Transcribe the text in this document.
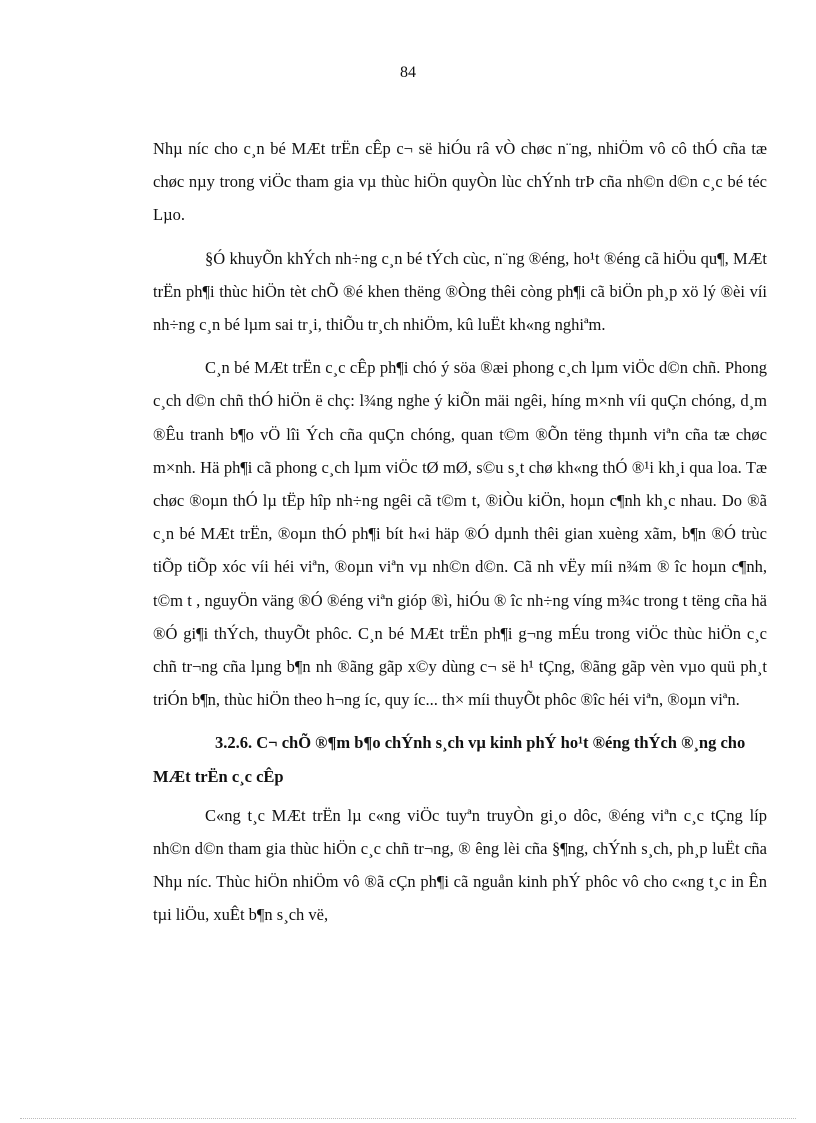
84

Nhµ níc cho c¸n bé MÆt trËn cÊp c¬ së hiÓu râ vÒ chøc n¨ng, nhiÖm vô cô thÓ cña tæ chøc nµy trong viÖc tham gia vµ thùc hiÖn quyÒn lùc chÝnh trÞ cña nh©n d©n c¸c bé téc Lµo.

§Ó khuyÕn khÝch nh÷ng c¸n bé tÝch cùc, n¨ng ®éng, ho¹t ®éng cã hiÖu qu¶, MÆt trËn ph¶i thùc hiÖn tèt chÕ ®é khen thëng ®Òng thêi còng ph¶i cã biÖn ph¸p xö lý ®èi víi nh÷ng c¸n bé lµm sai tr¸i, thiÕu tr¸ch nhiÖm, kû luËt kh«ng nghiªm.

C¸n bé MÆt trËn c¸c cÊp ph¶i chó ý söa ®æi phong c¸ch lµm viÖc d©n chñ. Phong c¸ch d©n chñ thÓ hiÖn ë chç: l¾ng nghe ý kiÕn mäi ngêi, híng m×nh víi quÇn chóng, d¸m ®Êu tranh b¶o vÖ lîi Ých cña quÇn chóng, quan t©m ®Õn tëng thµnh viªn cña tæ chøc m×nh. Hä ph¶i cã phong c¸ch lµm viÖc tØ mØ, s©u s¸t chø kh«ng thÓ ®¹i kh¸i qua loa. Tæ chøc ®oµn thÓ lµ tËp hîp nh÷ng ngêi cã t©m t, ®iÒu kiÖn, hoµn c¶nh kh¸c nhau. Do ®ã c¸n bé MÆt trËn, ®oµn thÓ ph¶i bít h«i häp ®Ó dµnh thêi gian xuèng xãm, b¶n ®Ó trùc tiÕp tiÕp xóc víi héi viªn, ®oµn viªn vµ nh©n d©n. Cã nh vËy míi n¾m ® îc hoµn c¶nh, t©m t , nguyÖn väng ®Ó ®éng viªn gióp ®ì, hiÓu ® îc nh÷ng víng m¾c trong t tëng cña hä ®Ó gi¶i thÝch, thuyÕt phôc. C¸n bé MÆt trËn ph¶i g¬ng mÉu trong viÖc thùc hiÖn c¸c chñ tr¬ng cña lµng b¶n nh ®ãng gãp x©y dùng c¬ së h¹ tÇng, ®ãng gãp vèn vµo quü ph¸t triÓn b¶n, thùc hiÖn theo h¬ng íc, quy íc... th× míi thuyÕt phôc ®îc héi viªn, ®oµn viªn.

3.2.6. C¬ chÕ ®¶m b¶o chÝnh s¸ch vµ kinh phÝ ho¹t ®éng thÝch ®¸ng cho MÆt trËn c¸c cÊp

C«ng t¸c MÆt trËn lµ c«ng viÖc tuyªn truyÒn gi¸o dôc, ®éng viªn c¸c tÇng líp nh©n d©n tham gia thùc hiÖn c¸c chñ tr¬ng, ® êng lèi cña §¶ng, chÝnh s¸ch, ph¸p luËt cña Nhµ níc. Thùc hiÖn nhiÖm vô ®ã cÇn ph¶i cã nguån kinh phÝ phôc vô cho c«ng t¸c in Ên tµi liÖu, xuÊt b¶n s¸ch vë,
